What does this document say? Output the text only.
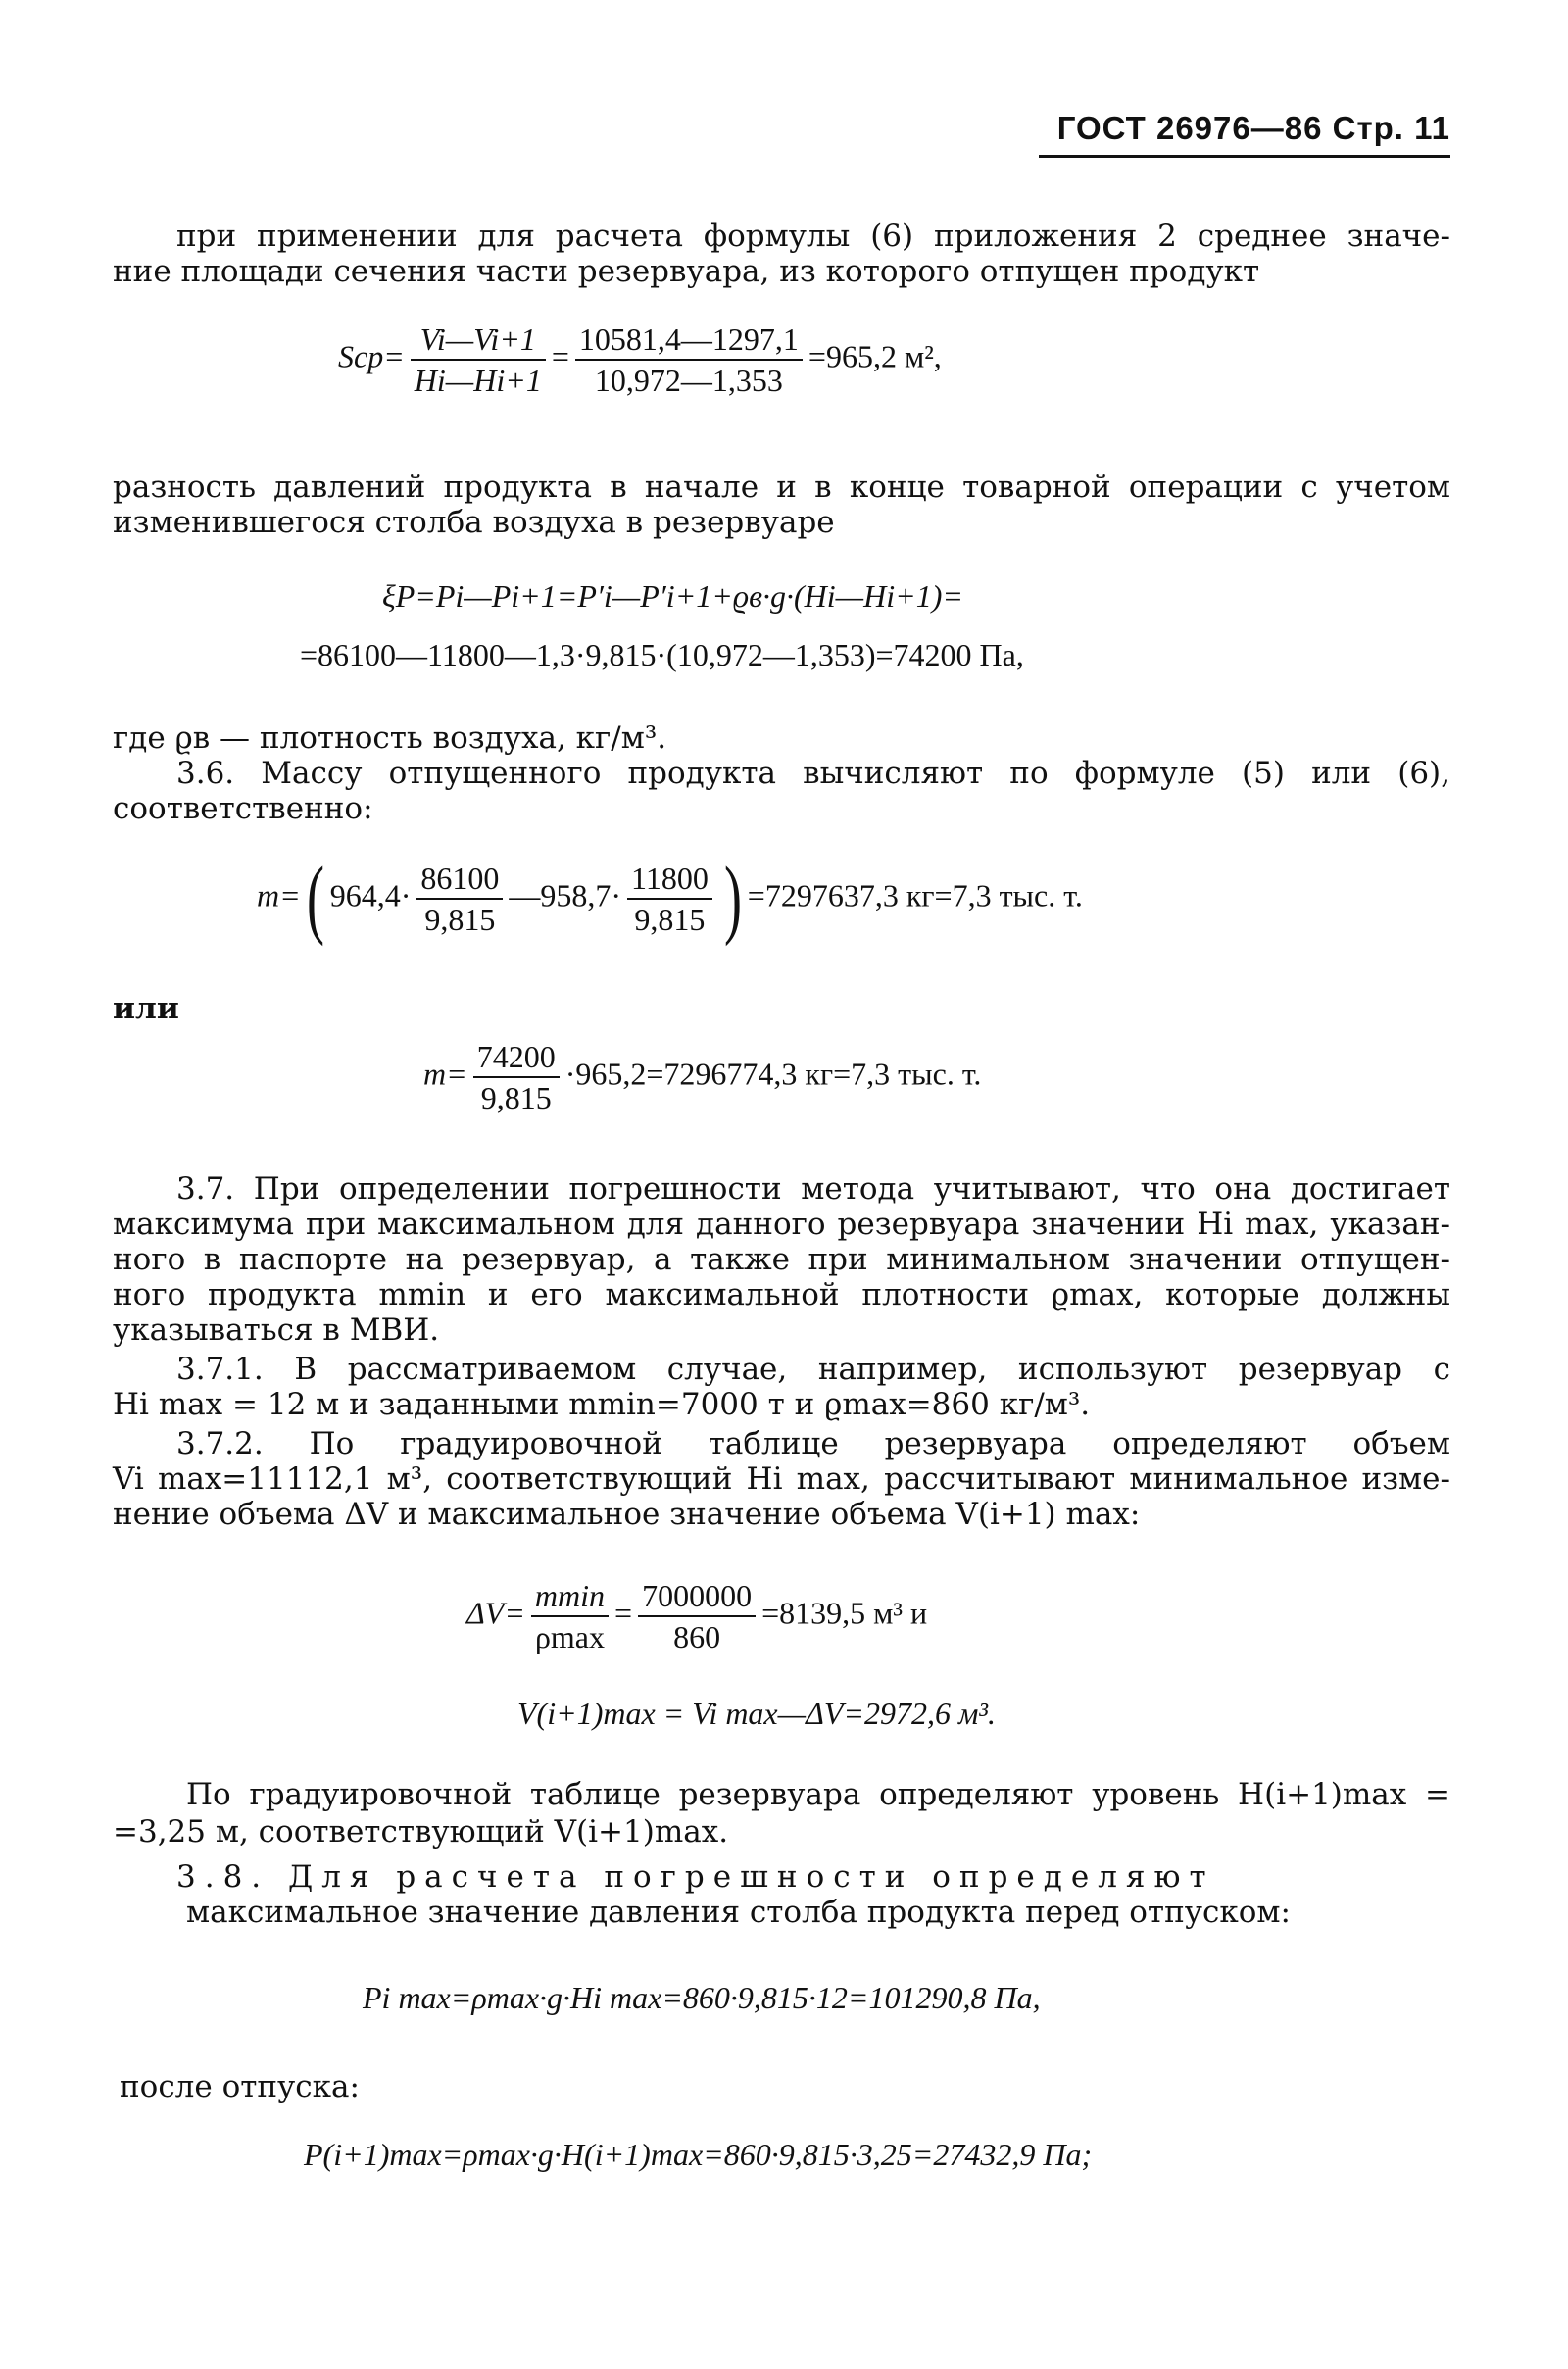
ГОСТ 26976—86 Стр. 11
при применении для расчета формулы (6) приложения 2 среднее значе-
ние площади сечения части резервуара, из которого отпущен продукт
$Sср= \frac{Vi—Vi+1}{Hi—Hi+1} = \frac{10581,4—1297,1}{10,972—1,353} =965,2$ м²,
разность давлений продукта в начале и в конце товарной операции с учетом
изменившегося столба воздуха в резервуаре
ξP=Pi—Pi+1=P′i—P′i+1+ϱв·g·(Hi—Hi+1)=
=86100—11800—1,3·9,815·(10,972—1,353)=74200 Па,
где ϱв — плотность воздуха, кг/м³.
3.6. Массу отпущенного продукта вычисляют по формуле (5) или (6),
соответственно:
m=( $964,4\cdot \frac{86100}{9,815}$ —958,7· $\frac{11800}{9,815}$ ) =7297637,3 кг=7,3 тыс. т.
или
$m= \frac{74200}{9,815} \cdot 965,2=7296774,3$ кг=7,3 тыс. т.
3.7. При определении погрешности метода учитывают, что она достигает
максимума при максимальном для данного резервуара значении Hi max, указан-
ного в паспорте на резервуар, а также при минимальном значении отпущен-
ного продукта mmin и его максимальной плотности ϱmax, которые должны
указываться в МВИ.
3.7.1. В рассматриваемом случае, например, используют резервуар с
Hi max = 12 м и заданными mmin=7000 т и ϱmax=860 кг/м³.
3.7.2. По градуировочной таблице резервуара определяют объем
Vi max=11112,1 м³, соответствующий Hi max, рассчитывают минимальное изме-
нение объема ΔV и максимальное значение объема V(i+1) max:
$\Delta V= \frac{mmin}{\rho\max} = \frac{7000000}{860} =8139,5$ м³ и
V(i+1)max = Vi max—ΔV=2972,6 м³.
По градуировочной таблице резервуара определяют уровень H(i+1)max =
=3,25 м, соответствующий V(i+1)max.
3.8. Для расчета погрешности определяют
максимальное значение давления столба продукта перед отпуском:
Pi max=ρmax·g·Hi max=860·9,815·12=101290,8 Па,
после отпуска:
P(i+1)max=ρmax·g·H(i+1)max=860·9,815·3,25=27432,9 Па;
